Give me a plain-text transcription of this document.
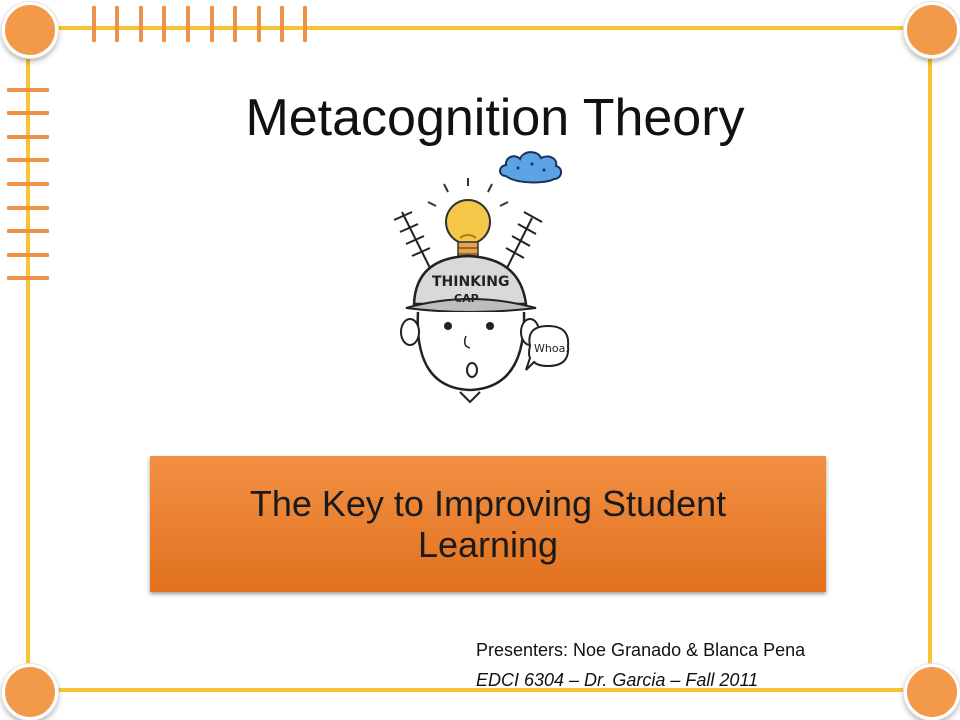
Metacognition Theory
THINKING
CAP
Whoa.
The Key to Improving Student
Learning
Presenters: Noe Granado & Blanca Pena
EDCI 6304 – Dr. Garcia – Fall 2011
